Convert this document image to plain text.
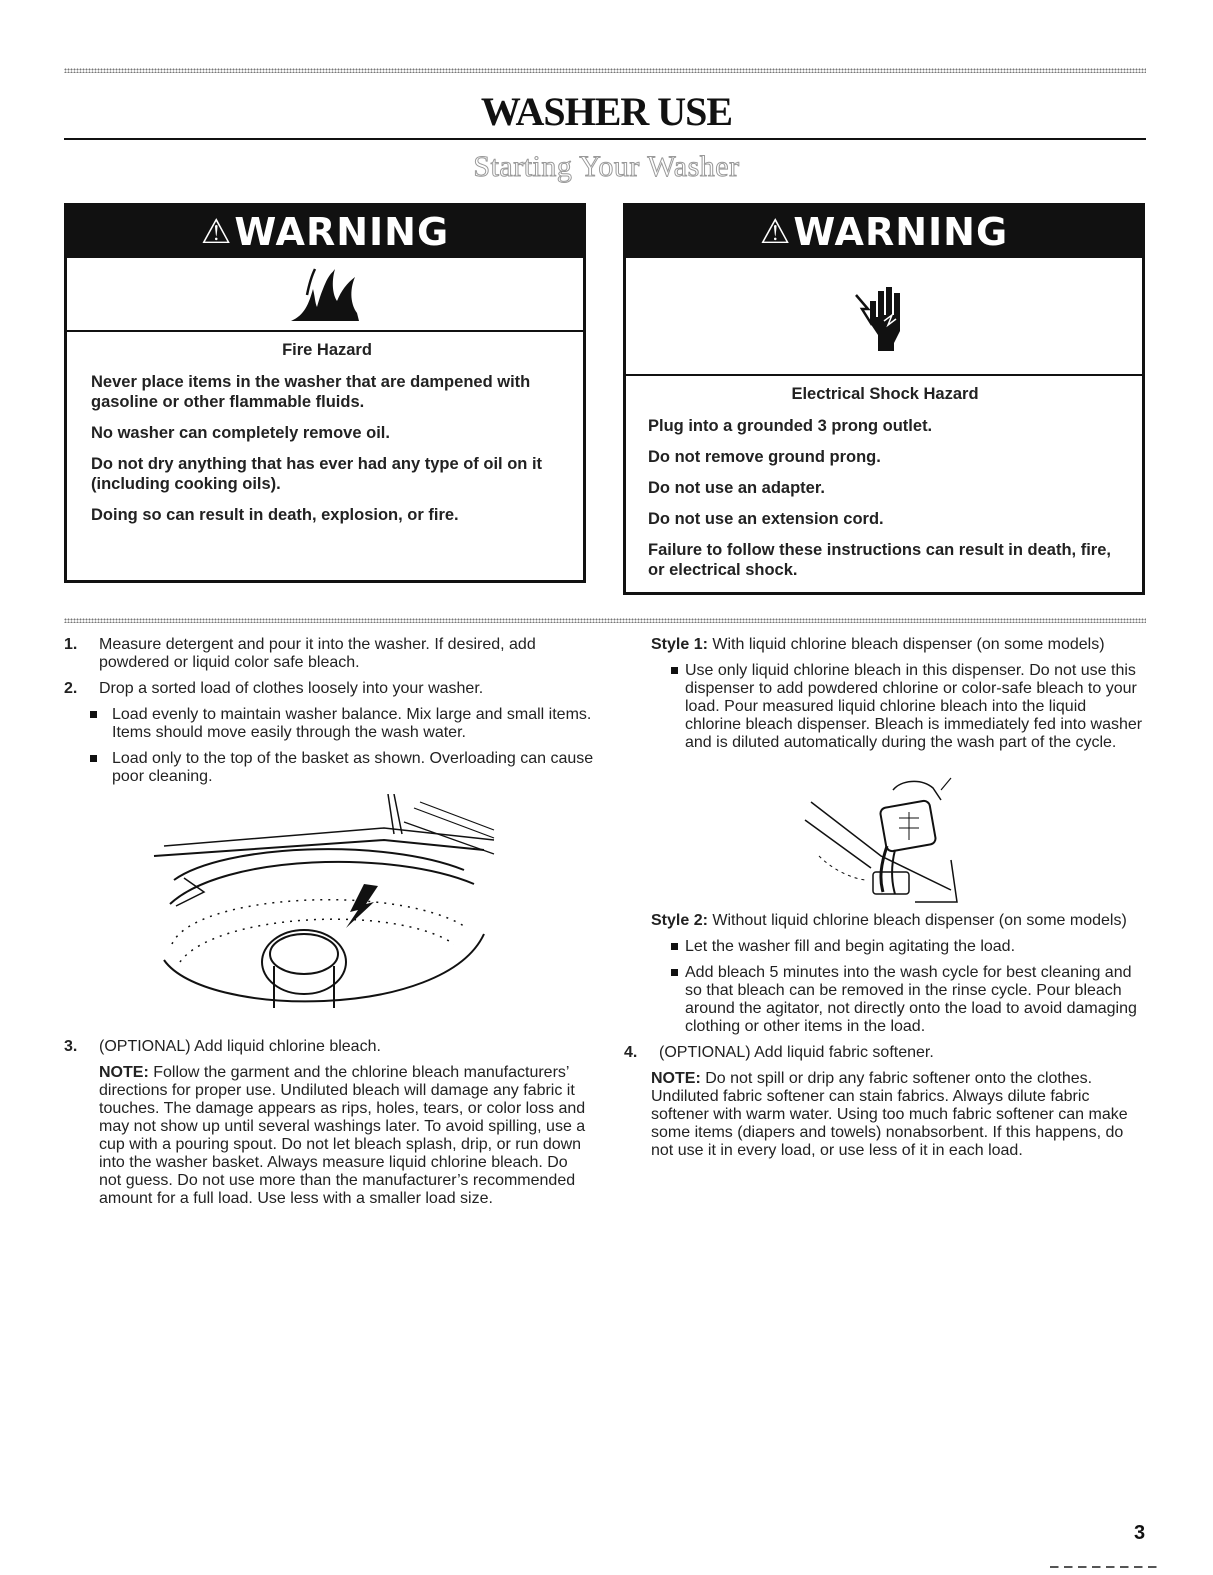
WASHER USE
Starting Your Washer
⚠ WARNING

Fire Hazard

Never place items in the washer that are dampened with gasoline or other flammable fluids.

No washer can completely remove oil.

Do not dry anything that has ever had any type of oil on it (including cooking oils).

Doing so can result in death, explosion, or fire.

⚠ WARNING

Electrical Shock Hazard

Plug into a grounded 3 prong outlet.

Do not remove ground prong.

Do not use an adapter.

Do not use an extension cord.

Failure to follow these instructions can result in death, fire, or electrical shock.

1. Measure detergent and pour it into the washer. If desired, add powdered or liquid color safe bleach.
2. Drop a sorted load of clothes loosely into your washer.
Load evenly to maintain washer balance. Mix large and small items. Items should move easily through the wash water.
Load only to the top of the basket as shown. Overloading can cause poor cleaning.
3. (OPTIONAL) Add liquid chlorine bleach.
NOTE: Follow the garment and the chlorine bleach manufacturers’ directions for proper use. Undiluted bleach will damage any fabric it touches. The damage appears as rips, holes, tears, or color loss and may not show up until several washings later. To avoid spilling, use a cup with a pouring spout. Do not let bleach splash, drip, or run down into the washer basket. Always measure liquid chlorine bleach. Do not guess. Do not use more than the manufacturer’s recommended amount for a full load. Use less with a smaller load size.
Style 1: With liquid chlorine bleach dispenser (on some models)
Use only liquid chlorine bleach in this dispenser. Do not use this dispenser to add powdered chlorine or color-safe bleach to your load. Pour measured liquid chlorine bleach into the liquid chlorine bleach dispenser. Bleach is immediately fed into washer and is diluted automatically during the wash part of the cycle.
Style 2: Without liquid chlorine bleach dispenser (on some models)
Let the washer fill and begin agitating the load.
Add bleach 5 minutes into the wash cycle for best cleaning and so that bleach can be removed in the rinse cycle. Pour bleach around the agitator, not directly onto the load to avoid damaging clothing or other items in the load.
4. (OPTIONAL) Add liquid fabric softener.
NOTE: Do not spill or drip any fabric softener onto the clothes. Undiluted fabric softener can stain fabrics. Always dilute fabric softener with warm water. Using too much fabric softener can make some items (diapers and towels) nonabsorbent. If this happens, do not use it in every load, or use less of it in each load.
3
